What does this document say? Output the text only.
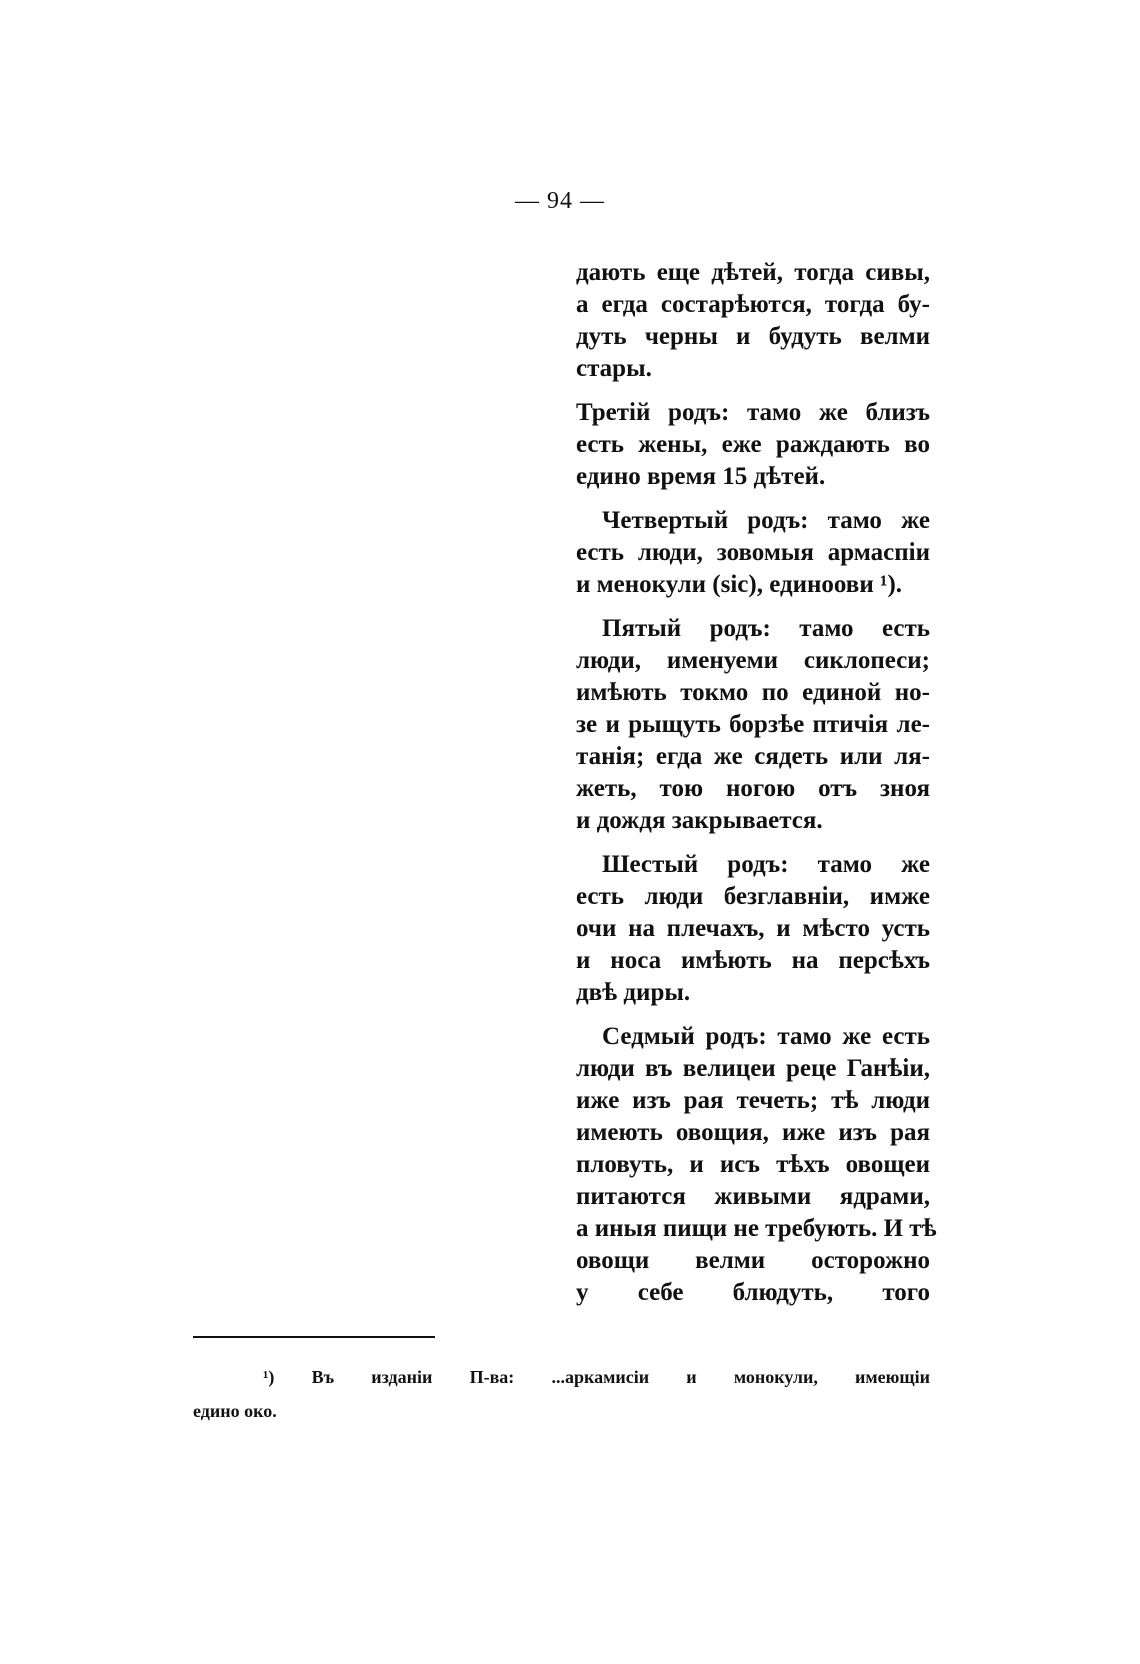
— 94 —
дають еще дѣтей, тогда сивы,
а егда состарѣются, тогда бу-
дуть черны и будуть велми
стары.
Третій родъ: тамо же близъ
есть жены, еже раждають во
едино время 15 дѣтей.
Четвертый родъ: тамо же
есть люди, зовомыя армаспіи
и менокули (sic), единоови ¹).
Пятый родъ: тамо есть
люди, именуеми сиклопеси;
имѣють токмо по единой но-
зе и рыщуть борзѣе птичія ле-
танія; егда же сядеть или ля-
жеть, тою ногою отъ зноя
и дождя закрывается.
Шестый родъ: тамо же
есть люди безглавніи, имже
очи на плечахъ, и мѣсто усть
и носа имѣють на персѣхъ
двѣ диры.
Седмый родъ: тамо же есть
люди въ велицеи реце Ганѣіи,
иже изъ рая течеть; тѣ люди
имеють овощия, иже изъ рая
пловуть, и исъ тѣхъ овощеи
питаются живыми ядрами,
а иныя пищи не требують. И тѣ
овощи велми осторожно
у себе блюдуть, того
¹) Въ изданіи П-ва: ...аркамисіи и монокули, имеющіи
едино око.
